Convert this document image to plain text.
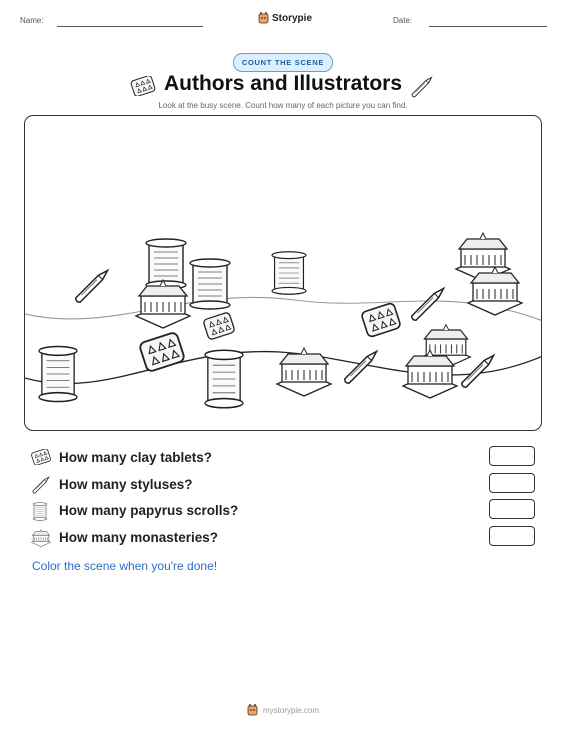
Name:	Storypie	Date:
COUNT THE SCENE
Authors and Illustrators
Look at the busy scene. Count how many of each picture you can find.
How many clay tablets?
How many styluses?
How many papyrus scrolls?
How many monasteries?
Color the scene when you're done!
mystorypie.com
